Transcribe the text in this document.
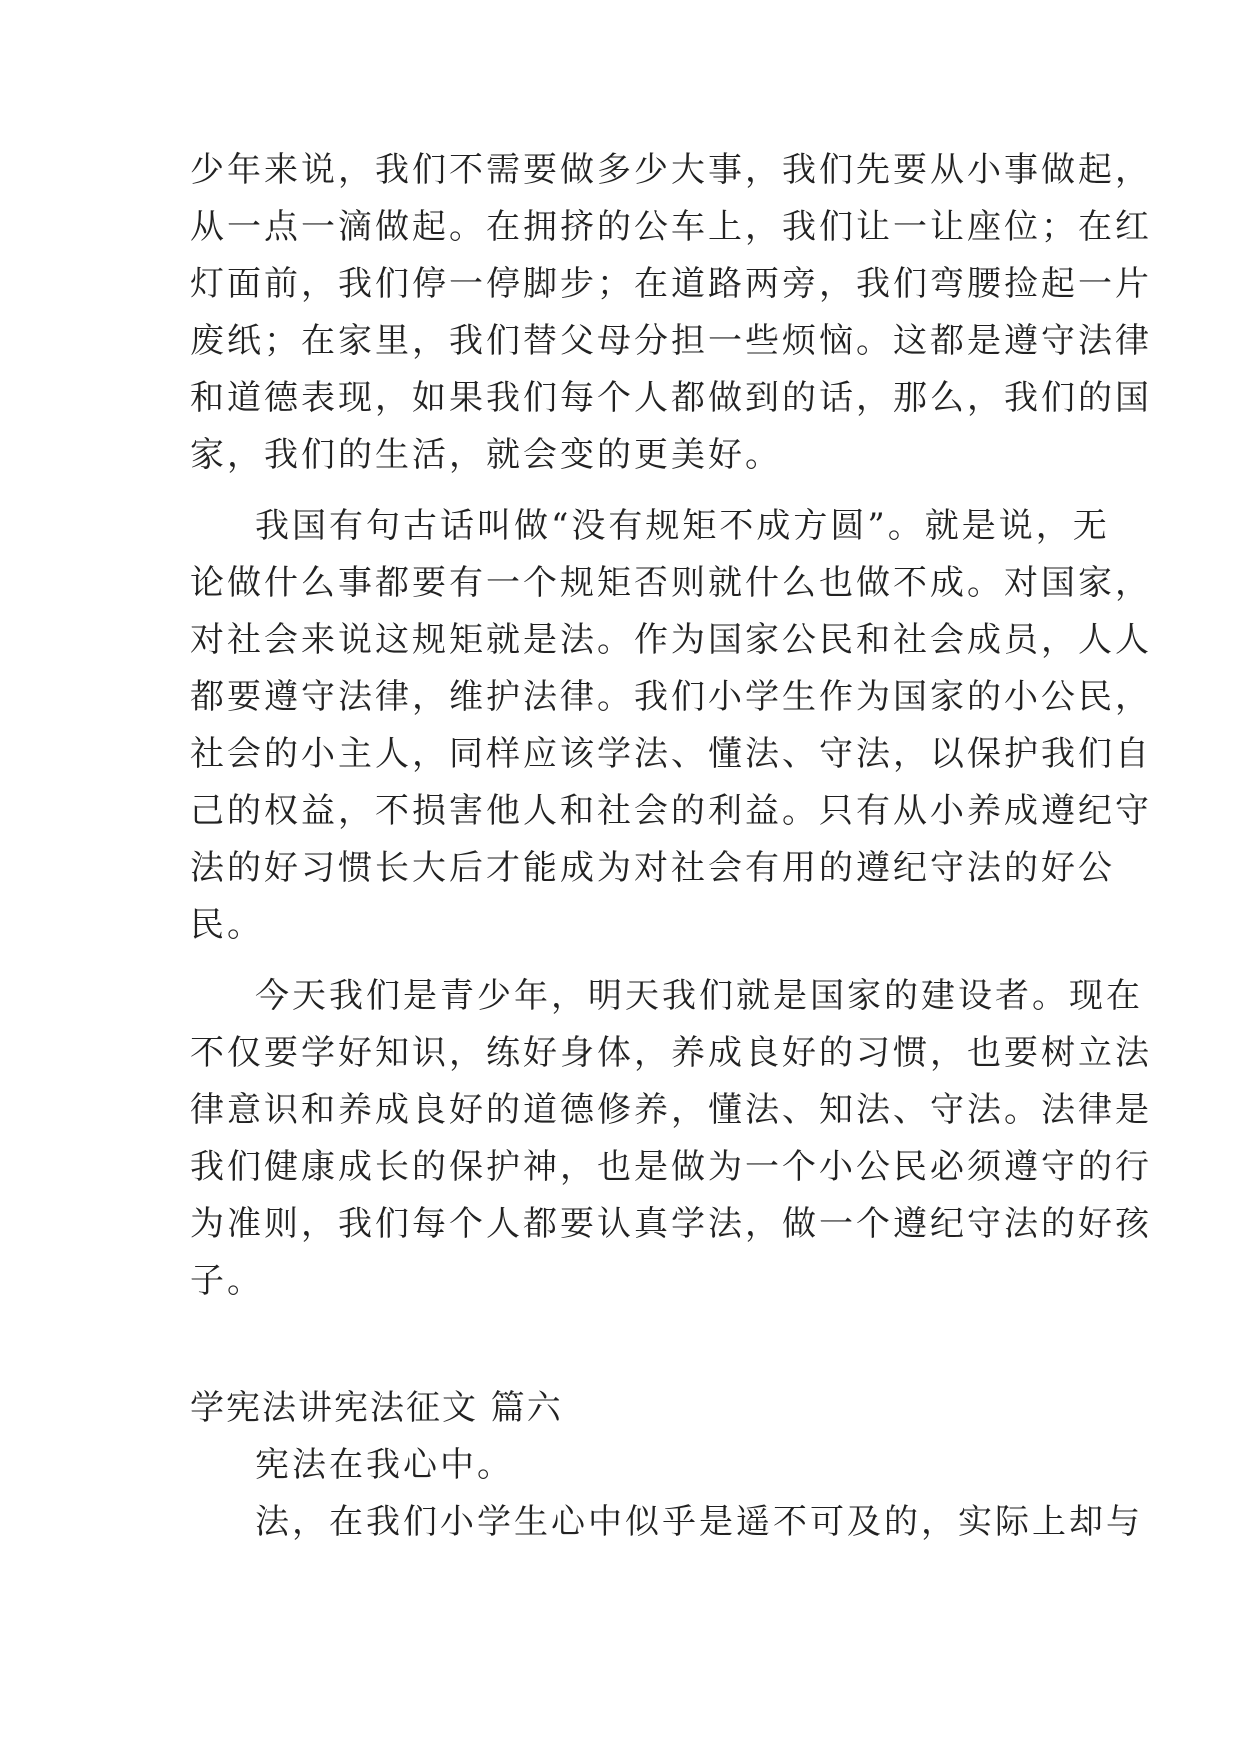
少年来说，我们不需要做多少大事，我们先要从小事做起，
从一点一滴做起。在拥挤的公车上，我们让一让座位；在红
灯面前，我们停一停脚步；在道路两旁，我们弯腰捡起一片
废纸；在家里，我们替父母分担一些烦恼。这都是遵守法律
和道德表现，如果我们每个人都做到的话，那么，我们的国
家，我们的生活，就会变的更美好。
我国有句古话叫做“没有规矩不成方圆”。就是说，无
论做什么事都要有一个规矩否则就什么也做不成。对国家，
对社会来说这规矩就是法。作为国家公民和社会成员，人人
都要遵守法律，维护法律。我们小学生作为国家的小公民，
社会的小主人，同样应该学法、懂法、守法，以保护我们自
己的权益，不损害他人和社会的利益。只有从小养成遵纪守
法的好习惯长大后才能成为对社会有用的遵纪守法的好公
民。
今天我们是青少年，明天我们就是国家的建设者。现在
不仅要学好知识，练好身体，养成良好的习惯，也要树立法
律意识和养成良好的道德修养，懂法、知法、守法。法律是
我们健康成长的保护神，也是做为一个小公民必须遵守的行
为准则，我们每个人都要认真学法，做一个遵纪守法的好孩
子。
学宪法讲宪法征文 篇六
宪法在我心中。
法，在我们小学生心中似乎是遥不可及的，实际上却与
